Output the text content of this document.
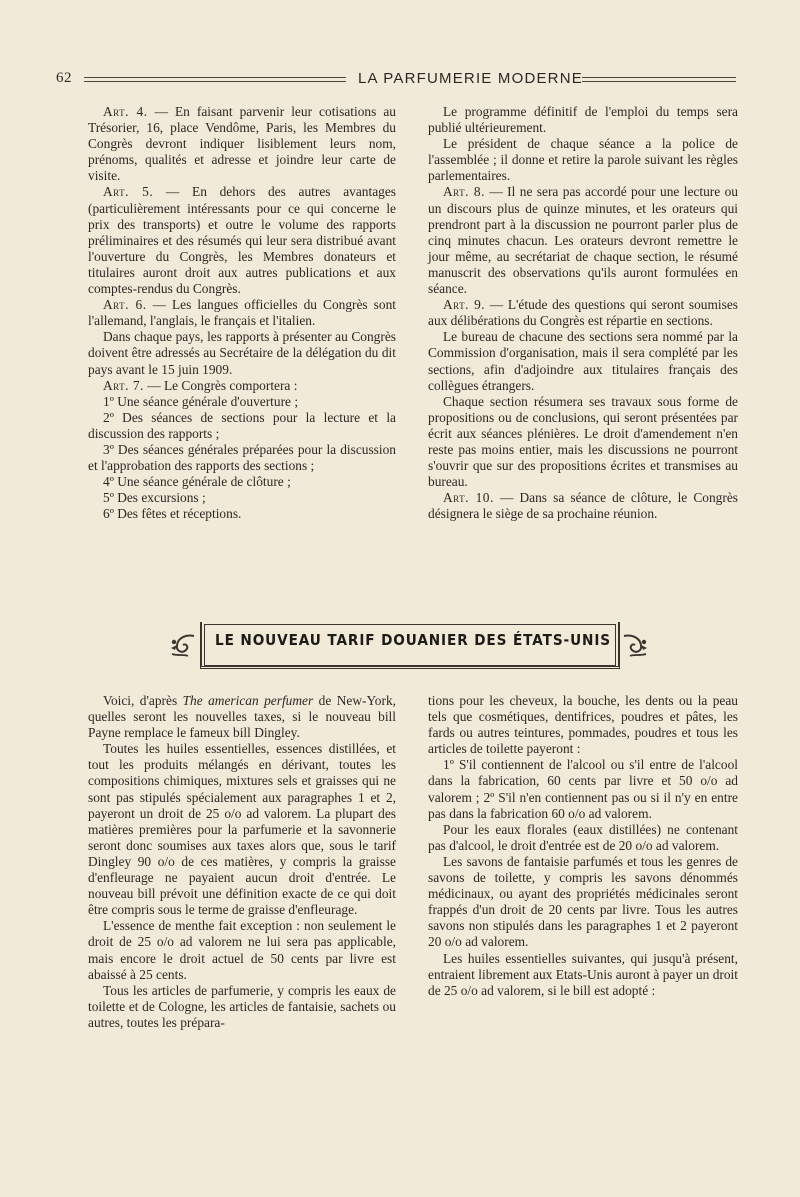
62	LA PARFUMERIE MODERNE

Art. 4. — En faisant parvenir leur cotisations au Trésorier, 16, place Vendôme, Paris, les Membres du Congrès devront indiquer lisiblement leurs nom, prénoms, qualités et adresse et joindre leur carte de visite.

Art. 5. — En dehors des autres avantages (particulièrement intéressants pour ce qui concerne le prix des transports) et outre le volume des rapports préliminaires et des résumés qui leur sera distribué avant l'ouverture du Congrès, les Membres donateurs et titulaires auront droit aux autres publications et aux comptes-rendus du Congrès.

Art. 6. — Les langues officielles du Congrès sont l'allemand, l'anglais, le français et l'italien.

Dans chaque pays, les rapports à présenter au Congrès doivent être adressés au Secrétaire de la délégation du dit pays avant le 15 juin 1909.

Art. 7. — Le Congrès comportera :

1º Une séance générale d'ouverture ;

2º Des séances de sections pour la lecture et la discussion des rapports ;

3º Des séances générales préparées pour la discussion et l'approbation des rapports des sections ;

4º Une séance générale de clôture ;

5º Des excursions ;

6º Des fêtes et réceptions.

Le programme définitif de l'emploi du temps sera publié ultérieurement.

Le président de chaque séance a la police de l'assemblée ; il donne et retire la parole suivant les règles parlementaires.

Art. 8. — Il ne sera pas accordé pour une lecture ou un discours plus de quinze minutes, et les orateurs qui prendront part à la discussion ne pourront parler plus de cinq minutes chacun. Les orateurs devront remettre le jour même, au secrétariat de chaque section, le résumé manuscrit des observations qu'ils auront formulées en séance.

Art. 9. — L'étude des questions qui seront soumises aux délibérations du Congrès est répartie en sections.

Le bureau de chacune des sections sera nommé par la Commission d'organisation, mais il sera complété par les sections, afin d'adjoindre aux titulaires français des collègues étrangers.

Chaque section résumera ses travaux sous forme de propositions ou de conclusions, qui seront présentées par écrit aux séances plénières. Le droit d'amendement n'en reste pas moins entier, mais les discussions ne pourront s'ouvrir que sur des propositions écrites et transmises au bureau.

Art. 10. — Dans sa séance de clôture, le Congrès désignera le siège de sa prochaine réunion.

LE NOUVEAU TARIF DOUANIER DES ÉTATS-UNIS

Voici, d'après The american perfumer de New-York, quelles seront les nouvelles taxes, si le nouveau bill Payne remplace le fameux bill Dingley.

Toutes les huiles essentielles, essences distillées, et tout les produits mélangés en dérivant, toutes les compositions chimiques, mixtures sels et graisses qui ne sont pas stipulés spécialement aux paragraphes 1 et 2, payeront un droit de 25 o/o ad valorem. La plupart des matières premières pour la parfumerie et la savonnerie seront donc soumises aux taxes alors que, sous le tarif Dingley 90 o/o de ces matières, y compris la graisse d'enfleurage ne payaient aucun droit d'entrée. Le nouveau bill prévoit une définition exacte de ce qui doit être compris sous le terme de graisse d'enfleurage.

L'essence de menthe fait exception : non seulement le droit de 25 o/o ad valorem ne lui sera pas applicable, mais encore le droit actuel de 50 cents par livre est abaissé à 25 cents.

Tous les articles de parfumerie, y compris les eaux de toilette et de Cologne, les articles de fantaisie, sachets ou autres, toutes les prépara-

tions pour les cheveux, la bouche, les dents ou la peau tels que cosmétiques, dentifrices, poudres et pâtes, les fards ou autres teintures, pommades, poudres et tous les articles de toilette payeront :

1º S'il contiennent de l'alcool ou s'il entre de l'alcool dans la fabrication, 60 cents par livre et 50 o/o ad valorem ; 2º S'il n'en contiennent pas ou si il n'y en entre pas dans la fabrication 60 o/o ad valorem.

Pour les eaux florales (eaux distillées) ne contenant pas d'alcool, le droit d'entrée est de 20 o/o ad valorem.

Les savons de fantaisie parfumés et tous les genres de savons de toilette, y compris les savons dénommés médicinaux, ou ayant des propriétés médicinales seront frappés d'un droit de 20 cents par livre. Tous les autres savons non stipulés dans les paragraphes 1 et 2 payeront 20 o/o ad valorem.

Les huiles essentielles suivantes, qui jusqu'à présent, entraient librement aux Etats-Unis auront à payer un droit de 25 o/o ad valorem, si le bill est adopté :
